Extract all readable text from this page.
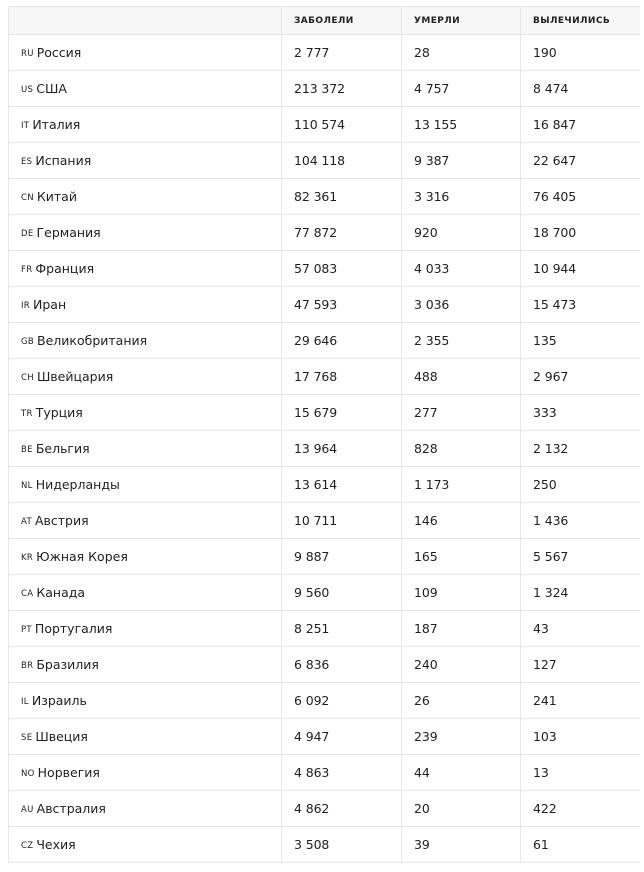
	ЗАБОЛЕЛИ	УМЕРЛИ	ВЫЛЕЧИЛИСЬ
RU Россия	2 777	28	190
US США	213 372	4 757	8 474
IT Италия	110 574	13 155	16 847
ES Испания	104 118	9 387	22 647
CN Китай	82 361	3 316	76 405
DE Германия	77 872	920	18 700
FR Франция	57 083	4 033	10 944
IR Иран	47 593	3 036	15 473
GB Великобритания	29 646	2 355	135
CH Швейцария	17 768	488	2 967
TR Турция	15 679	277	333
BE Бельгия	13 964	828	2 132
NL Нидерланды	13 614	1 173	250
AT Австрия	10 711	146	1 436
KR Южная Корея	9 887	165	5 567
CA Канада	9 560	109	1 324
PT Португалия	8 251	187	43
BR Бразилия	6 836	240	127
IL Израиль	6 092	26	241
SE Швеция	4 947	239	103
NO Норвегия	4 863	44	13
AU Австралия	4 862	20	422
CZ Чехия	3 508	39	61
